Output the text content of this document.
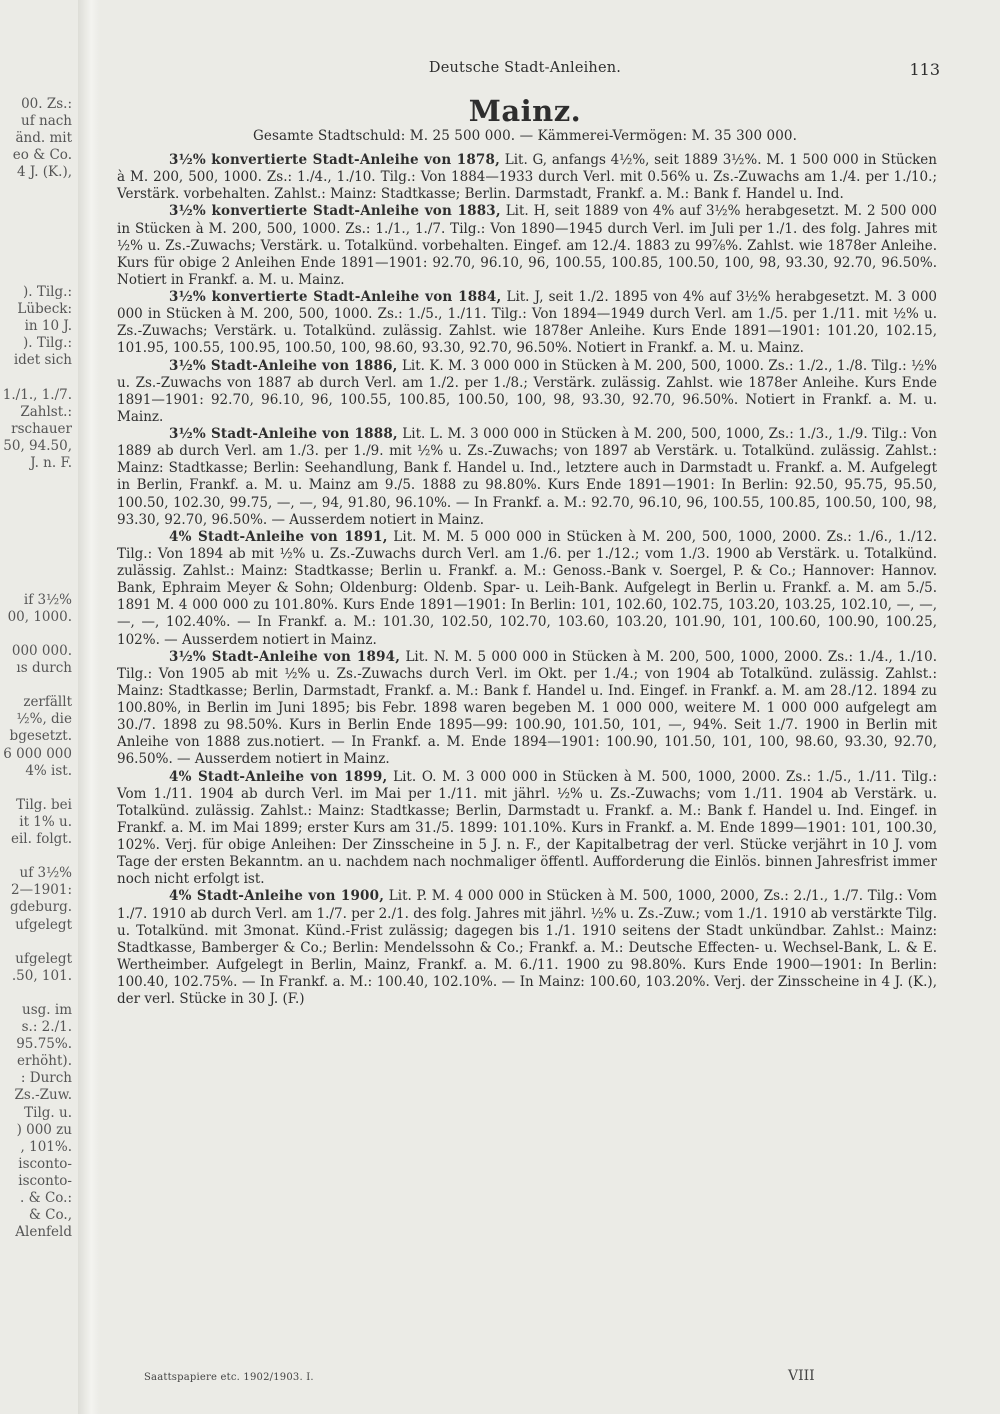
00. Zs.:
uf nach
änd. mit
eo & Co.
4 J. (K.),
). Tilg.:
Lübeck:
in 10 J.
). Tilg.:
idet sich
1./1., 1./7.
Zahlst.:
rschauer
50, 94.50,
J. n. F.
if 3½%
00, 1000.
000 000.
ıs durch
zerfällt
½%, die
bgesetzt.
6 000 000
4% ist.
Tilg. bei
it 1% u.
eil. folgt.
uf 3½%
2—1901:
gdeburg.
ufgelegt
ufgelegt
.50, 101.
usg. im
s.: 2./1.
95.75%.
erhöht).
: Durch
Zs.-Zuw.
Tilg. u.
) 000 zu
, 101%.
isconto-
isconto-
. & Co.:
& Co.,
Alenfeld
Deutsche Stadt-Anleihen.	113
Mainz.
Gesamte Stadtschuld: M. 25 500 000. — Kämmerei-Vermögen: M. 35 300 000.

3½% konvertierte Stadt-Anleihe von 1878, Lit. G, anfangs 4½%, seit 1889 3½%. M. 1 500 000 in Stücken à M. 200, 500, 1000. Zs.: 1./4., 1./10. Tilg.: Von 1884—1933 durch Verl. mit 0.56% u. Zs.-Zuwachs am 1./4. per 1./10.; Verstärk. vorbehalten. Zahlst.: Mainz: Stadtkasse; Berlin. Darmstadt, Frankf. a. M.: Bank f. Handel u. Ind.

3½% konvertierte Stadt-Anleihe von 1883, Lit. H, seit 1889 von 4% auf 3½% herabgesetzt. M. 2 500 000 in Stücken à M. 200, 500, 1000. Zs.: 1./1., 1./7. Tilg.: Von 1890—1945 durch Verl. im Juli per 1./1. des folg. Jahres mit ½% u. Zs.-Zuwachs; Verstärk. u. Totalkünd. vorbehalten. Eingef. am 12./4. 1883 zu 99⅞%. Zahlst. wie 1878er Anleihe. Kurs für obige 2 Anleihen Ende 1891—1901: 92.70, 96.10, 96, 100.55, 100.85, 100.50, 100, 98, 93.30, 92.70, 96.50%. Notiert in Frankf. a. M. u. Mainz.

3½% konvertierte Stadt-Anleihe von 1884, Lit. J, seit 1./2. 1895 von 4% auf 3½% herabgesetzt. M. 3 000 000 in Stücken à M. 200, 500, 1000. Zs.: 1./5., 1./11. Tilg.: Von 1894—1949 durch Verl. am 1./5. per 1./11. mit ½% u. Zs.-Zuwachs; Verstärk. u. Totalkünd. zulässig. Zahlst. wie 1878er Anleihe. Kurs Ende 1891—1901: 101.20, 102.15, 101.95, 100.55, 100.95, 100.50, 100, 98.60, 93.30, 92.70, 96.50%. Notiert in Frankf. a. M. u. Mainz.

3½% Stadt-Anleihe von 1886, Lit. K. M. 3 000 000 in Stücken à M. 200, 500, 1000. Zs.: 1./2., 1./8. Tilg.: ½% u. Zs.-Zuwachs von 1887 ab durch Verl. am 1./2. per 1./8.; Verstärk. zulässig. Zahlst. wie 1878er Anleihe. Kurs Ende 1891—1901: 92.70, 96.10, 96, 100.55, 100.85, 100.50, 100, 98, 93.30, 92.70, 96.50%. Notiert in Frankf. a. M. u. Mainz.

3½% Stadt-Anleihe von 1888, Lit. L. M. 3 000 000 in Stücken à M. 200, 500, 1000, Zs.: 1./3., 1./9. Tilg.: Von 1889 ab durch Verl. am 1./3. per 1./9. mit ½% u. Zs.-Zuwachs; von 1897 ab Verstärk. u. Totalkünd. zulässig. Zahlst.: Mainz: Stadtkasse; Berlin: Seehandlung, Bank f. Handel u. Ind., letztere auch in Darmstadt u. Frankf. a. M. Aufgelegt in Berlin, Frankf. a. M. u. Mainz am 9./5. 1888 zu 98.80%. Kurs Ende 1891—1901: In Berlin: 92.50, 95.75, 95.50, 100.50, 102.30, 99.75, —, —, 94, 91.80, 96.10%. — In Frankf. a. M.: 92.70, 96.10, 96, 100.55, 100.85, 100.50, 100, 98, 93.30, 92.70, 96.50%. — Ausserdem notiert in Mainz.

4% Stadt-Anleihe von 1891, Lit. M. M. 5 000 000 in Stücken à M. 200, 500, 1000, 2000. Zs.: 1./6., 1./12. Tilg.: Von 1894 ab mit ½% u. Zs.-Zuwachs durch Verl. am 1./6. per 1./12.; vom 1./3. 1900 ab Verstärk. u. Totalkünd. zulässig. Zahlst.: Mainz: Stadtkasse; Berlin u. Frankf. a. M.: Genoss.-Bank v. Soergel, P. & Co.; Hannover: Hannov. Bank, Ephraim Meyer & Sohn; Oldenburg: Oldenb. Spar- u. Leih-Bank. Aufgelegt in Berlin u. Frankf. a. M. am 5./5. 1891 M. 4 000 000 zu 101.80%. Kurs Ende 1891—1901: In Berlin: 101, 102.60, 102.75, 103.20, 103.25, 102.10, —, —, —, —, 102.40%. — In Frankf. a. M.: 101.30, 102.50, 102.70, 103.60, 103.20, 101.90, 101, 100.60, 100.90, 100.25, 102%. — Ausserdem notiert in Mainz.

3½% Stadt-Anleihe von 1894, Lit. N. M. 5 000 000 in Stücken à M. 200, 500, 1000, 2000. Zs.: 1./4., 1./10. Tilg.: Von 1905 ab mit ½% u. Zs.-Zuwachs durch Verl. im Okt. per 1./4.; von 1904 ab Totalkünd. zulässig. Zahlst.: Mainz: Stadtkasse; Berlin, Darmstadt, Frankf. a. M.: Bank f. Handel u. Ind. Eingef. in Frankf. a. M. am 28./12. 1894 zu 100.80%, in Berlin im Juni 1895; bis Febr. 1898 waren begeben M. 1 000 000, weitere M. 1 000 000 aufgelegt am 30./7. 1898 zu 98.50%. Kurs in Berlin Ende 1895—99: 100.90, 101.50, 101, —, 94%. Seit 1./7. 1900 in Berlin mit Anleihe von 1888 zus.notiert. — In Frankf. a. M. Ende 1894—1901: 100.90, 101.50, 101, 100, 98.60, 93.30, 92.70, 96.50%. — Ausserdem notiert in Mainz.

4% Stadt-Anleihe von 1899, Lit. O. M. 3 000 000 in Stücken à M. 500, 1000, 2000. Zs.: 1./5., 1./11. Tilg.: Vom 1./11. 1904 ab durch Verl. im Mai per 1./11. mit jährl. ½% u. Zs.-Zuwachs; vom 1./11. 1904 ab Verstärk. u. Totalkünd. zulässig. Zahlst.: Mainz: Stadtkasse; Berlin, Darmstadt u. Frankf. a. M.: Bank f. Handel u. Ind. Eingef. in Frankf. a. M. im Mai 1899; erster Kurs am 31./5. 1899: 101.10%. Kurs in Frankf. a. M. Ende 1899—1901: 101, 100.30, 102%. Verj. für obige Anleihen: Der Zinsscheine in 5 J. n. F., der Kapitalbetrag der verl. Stücke verjährt in 10 J. vom Tage der ersten Bekanntm. an u. nachdem nach nochmaliger öffentl. Aufforderung die Einlös. binnen Jahresfrist immer noch nicht erfolgt ist.

4% Stadt-Anleihe von 1900, Lit. P. M. 4 000 000 in Stücken à M. 500, 1000, 2000, Zs.: 2./1., 1./7. Tilg.: Vom 1./7. 1910 ab durch Verl. am 1./7. per 2./1. des folg. Jahres mit jährl. ½% u. Zs.-Zuw.; vom 1./1. 1910 ab verstärkte Tilg. u. Totalkünd. mit 3monat. Künd.-Frist zulässig; dagegen bis 1./1. 1910 seitens der Stadt unkündbar. Zahlst.: Mainz: Stadtkasse, Bamberger & Co.; Berlin: Mendelssohn & Co.; Frankf. a. M.: Deutsche Effecten- u. Wechsel-Bank, L. & E. Wertheimber. Aufgelegt in Berlin, Mainz, Frankf. a. M. 6./11. 1900 zu 98.80%. Kurs Ende 1900—1901: In Berlin: 100.40, 102.75%. — In Frankf. a. M.: 100.40, 102.10%. — In Mainz: 100.60, 103.20%. Verj. der Zinsscheine in 4 J. (K.), der verl. Stücke in 30 J. (F.)

Saattspapiere etc. 1902/1903. I.	VIII
